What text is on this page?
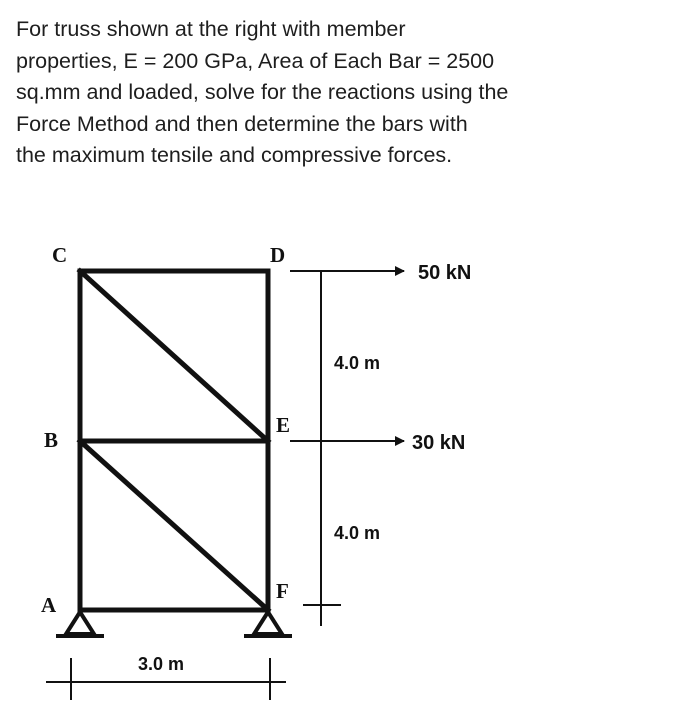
For truss shown at the right with member
properties, E = 200 GPa, Area of Each Bar = 2500
sq.mm and loaded, solve for the reactions using the
Force Method and then determine the bars with
the maximum tensile and compressive forces.
C	D
B
E
A
F
50 kN
30 kN
4.0 m
4.0 m
3.0 m
